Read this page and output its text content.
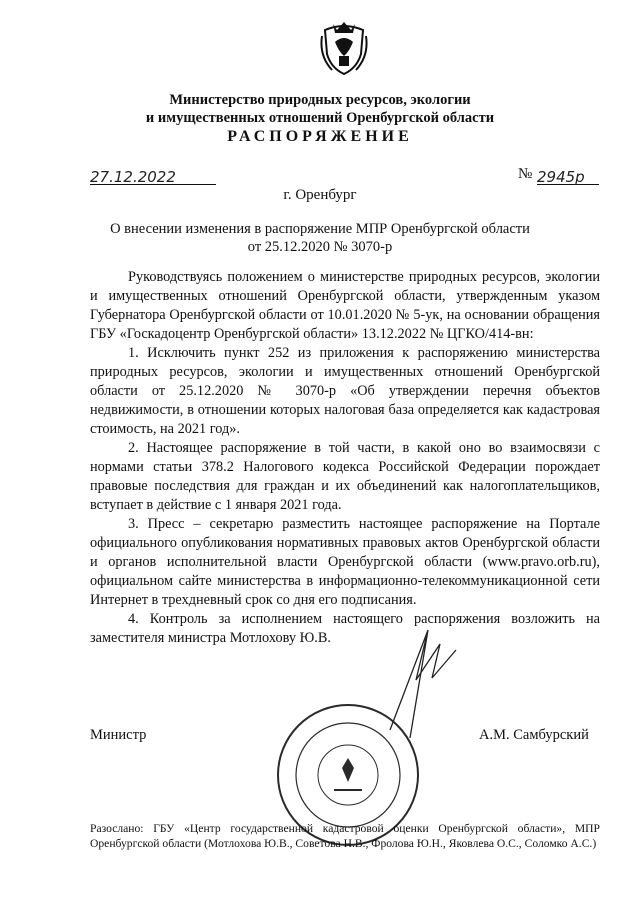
Министерство природных ресурсов, экологии
и имущественных отношений Оренбургской области
РАСПОРЯЖЕНИЕ
27.12.2022	№ 2945р
г. Оренбург
О внесении изменения в распоряжение МПР Оренбургской области
от 25.12.2020 № 3070-р

Руководствуясь положением о министерстве природных ресурсов, экологии и имущественных отношений Оренбургской области, утвержденным указом Губернатора Оренбургской области от 10.01.2020 № 5-ук, на основании обращения ГБУ «Госкадоцентр Оренбургской области» 13.12.2022 № ЦГКО/414-вн:

1. Исключить пункт 252 из приложения к распоряжению министерства природных ресурсов, экологии и имущественных отношений Оренбургской области от 25.12.2020 № 3070-р «Об утверждении перечня объектов недвижимости, в отношении которых налоговая база определяется как кадастровая стоимость, на 2021 год».

2. Настоящее распоряжение в той части, в какой оно во взаимосвязи с нормами статьи 378.2 Налогового кодекса Российской Федерации порождает правовые последствия для граждан и их объединений как налогоплательщиков, вступает в действие с 1 января 2021 года.

3. Пресс – секретарю разместить настоящее распоряжение на Портале официального опубликования нормативных правовых актов Оренбургской области и органов исполнительной власти Оренбургской области (www.pravo.orb.ru), официальном сайте министерства в информационно-телекоммуникационной сети Интернет в трехдневный срок со дня его подписания.

4. Контроль за исполнением настоящего распоряжения возложить на заместителя министра Мотлохову Ю.В.

Министр	А.М. Самбурский
Разослано: ГБУ «Центр государственной кадастровой оценки Оренбургской области», МПР Оренбургской области (Мотлохова Ю.В., Советова Н.В., Фролова Ю.Н., Яковлева О.С., Соломко А.С.)
